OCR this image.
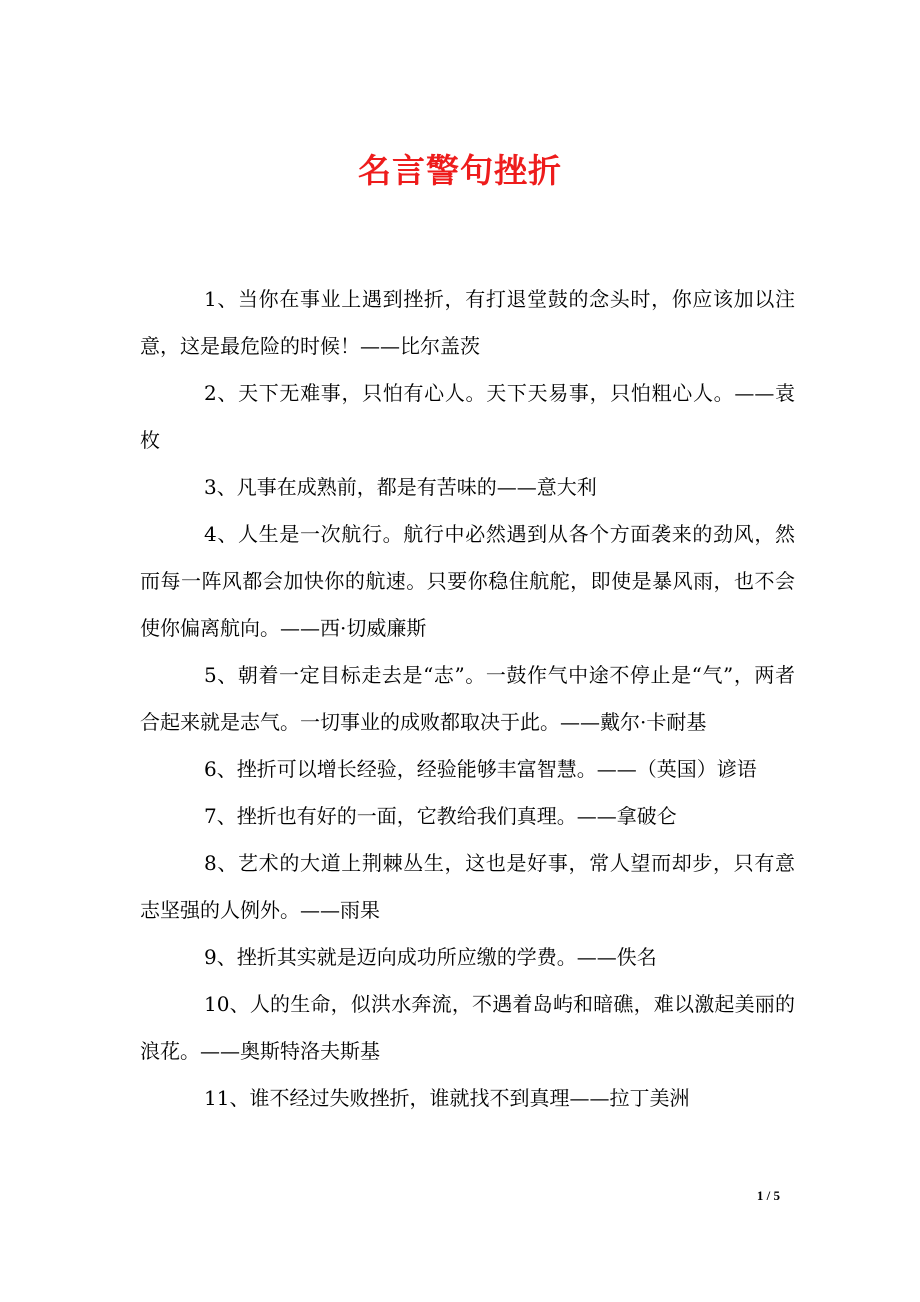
名言警句挫折

1、当你在事业上遇到挫折，有打退堂鼓的念头时，你应该加以注意，这是最危险的时候！——比尔盖茨

2、天下无难事，只怕有心人。天下天易事，只怕粗心人。——袁枚

3、凡事在成熟前，都是有苦味的——意大利

4、人生是一次航行。航行中必然遇到从各个方面袭来的劲风，然而每一阵风都会加快你的航速。只要你稳住航舵，即使是暴风雨，也不会使你偏离航向。——西·切威廉斯

5、朝着一定目标走去是“志”。一鼓作气中途不停止是“气”，两者合起来就是志气。一切事业的成败都取决于此。——戴尔·卡耐基

6、挫折可以增长经验，经验能够丰富智慧。——（英国）谚语

7、挫折也有好的一面，它教给我们真理。——拿破仑

8、艺术的大道上荆棘丛生，这也是好事，常人望而却步，只有意志坚强的人例外。——雨果

9、挫折其实就是迈向成功所应缴的学费。——佚名

10、人的生命，似洪水奔流，不遇着岛屿和暗礁，难以激起美丽的浪花。——奥斯特洛夫斯基

11、谁不经过失败挫折，谁就找不到真理——拉丁美洲

1 / 5
